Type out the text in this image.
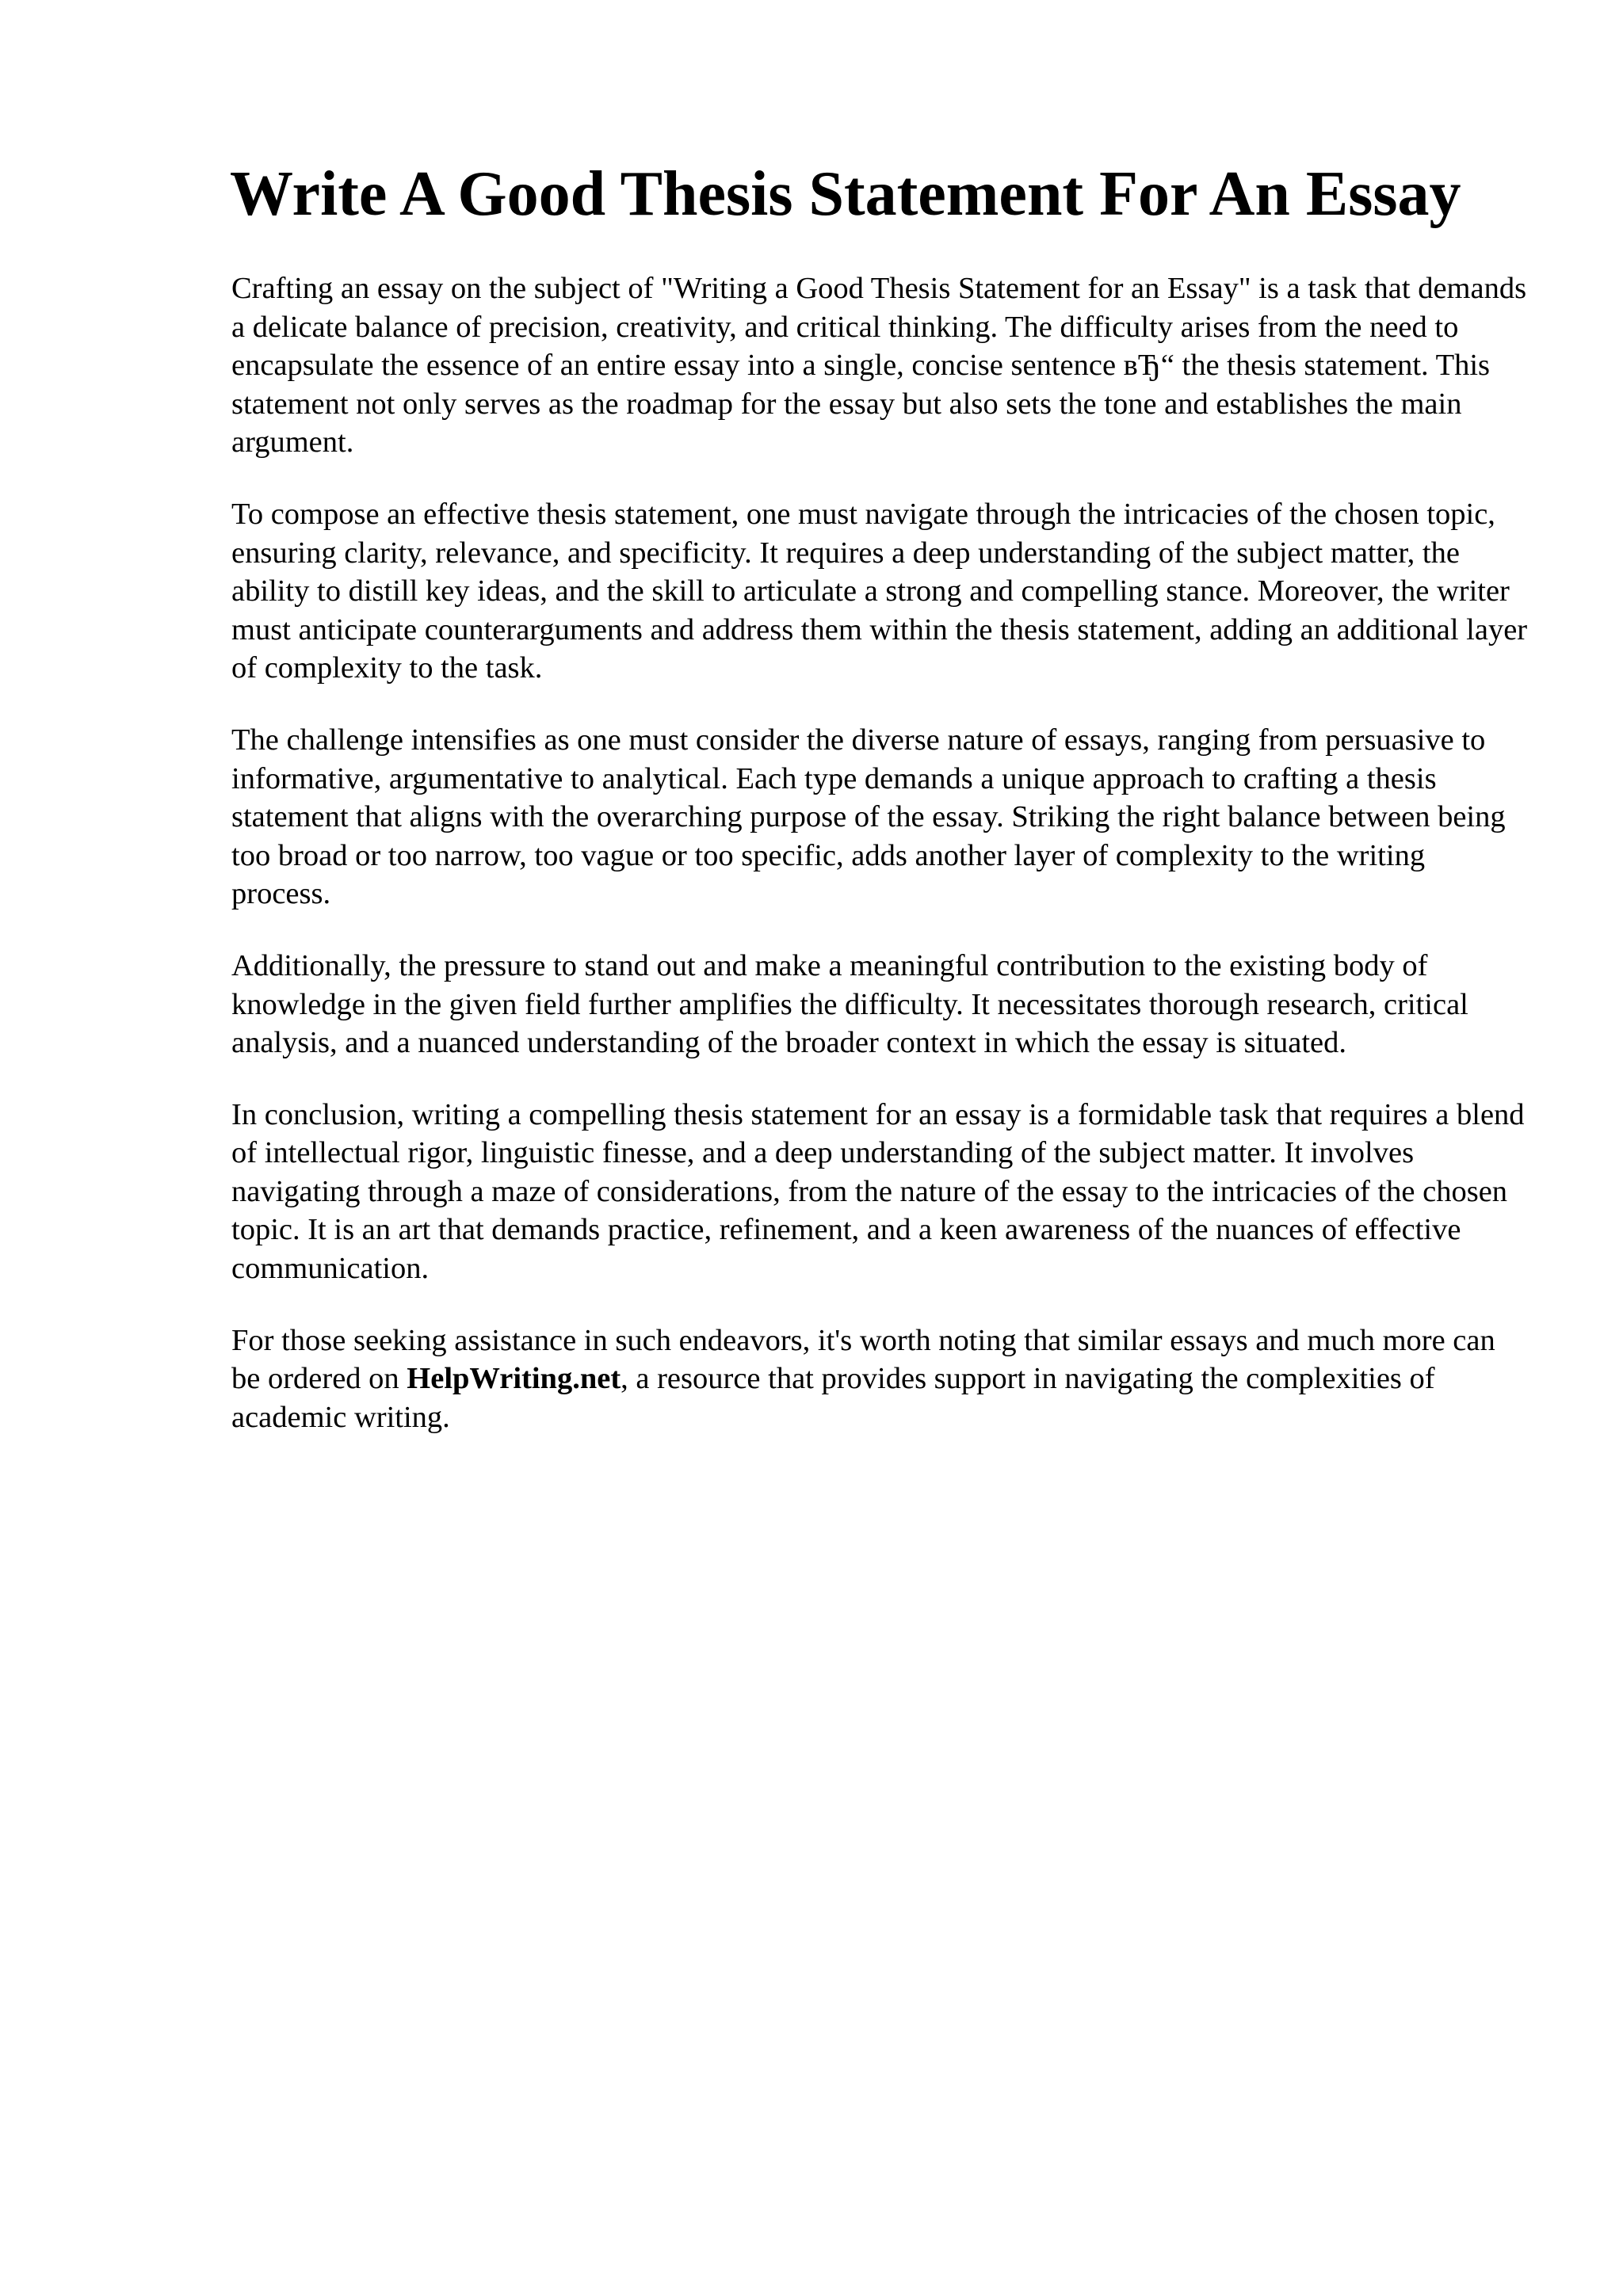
Write A Good Thesis Statement For An Essay

Crafting an essay on the subject of "Writing a Good Thesis Statement for an Essay" is a task that demands a delicate balance of precision, creativity, and critical thinking. The difficulty arises from the need to encapsulate the essence of an entire essay into a single, concise sentence вЂ“ the thesis statement. This statement not only serves as the roadmap for the essay but also sets the tone and establishes the main argument.

To compose an effective thesis statement, one must navigate through the intricacies of the chosen topic, ensuring clarity, relevance, and specificity. It requires a deep understanding of the subject matter, the ability to distill key ideas, and the skill to articulate a strong and compelling stance. Moreover, the writer must anticipate counterarguments and address them within the thesis statement, adding an additional layer of complexity to the task.

The challenge intensifies as one must consider the diverse nature of essays, ranging from persuasive to informative, argumentative to analytical. Each type demands a unique approach to crafting a thesis statement that aligns with the overarching purpose of the essay. Striking the right balance between being too broad or too narrow, too vague or too specific, adds another layer of complexity to the writing process.

Additionally, the pressure to stand out and make a meaningful contribution to the existing body of knowledge in the given field further amplifies the difficulty. It necessitates thorough research, critical analysis, and a nuanced understanding of the broader context in which the essay is situated.

In conclusion, writing a compelling thesis statement for an essay is a formidable task that requires a blend of intellectual rigor, linguistic finesse, and a deep understanding of the subject matter. It involves navigating through a maze of considerations, from the nature of the essay to the intricacies of the chosen topic. It is an art that demands practice, refinement, and a keen awareness of the nuances of effective communication.

For those seeking assistance in such endeavors, it's worth noting that similar essays and much more can be ordered on HelpWriting.net, a resource that provides support in navigating the complexities of academic writing.
